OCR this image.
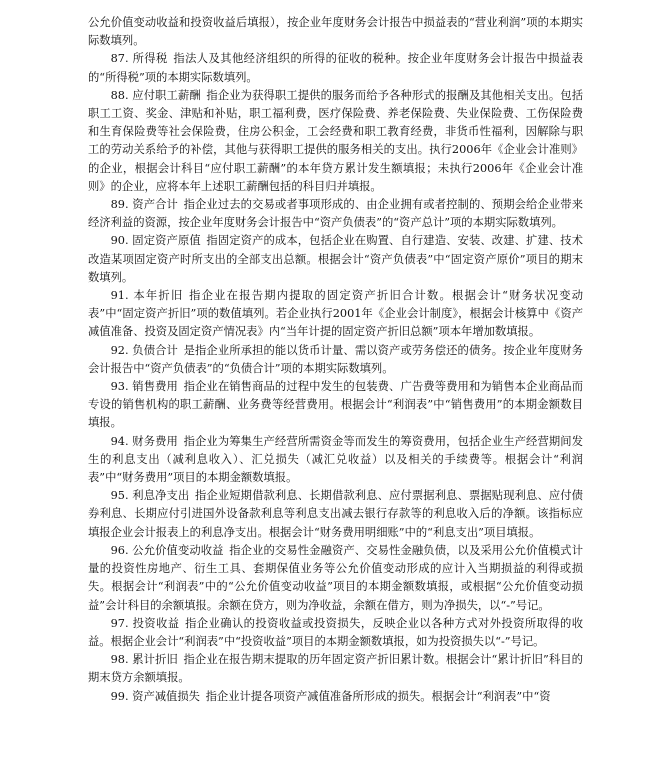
公允价值变动收益和投资收益后填报），按企业年度财务会计报告中损益表的“营业利润”项的本期实际数填列。

87. 所得税 指法人及其他经济组织的所得的征收的税种。按企业年度财务会计报告中损益表的“所得税”项的本期实际数填列。

88. 应付职工薪酬 指企业为获得职工提供的服务而给予各种形式的报酬及其他相关支出。包括职工工资、奖金、津贴和补贴，职工福利费，医疗保险费、养老保险费、失业保险费、工伤保险费和生育保险费等社会保险费，住房公积金，工会经费和职工教育经费，非货币性福利，因解除与职工的劳动关系给予的补偿，其他与获得职工提供的服务相关的支出。执行2006年《企业会计准则》的企业，根据会计科目“应付职工薪酬”的本年贷方累计发生额填报；未执行2006年《企业会计准则》的企业，应将本年上述职工薪酬包括的科目归并填报。

89. 资产合计 指企业过去的交易或者事项形成的、由企业拥有或者控制的、预期会给企业带来经济利益的资源，按企业年度财务会计报告中“资产负债表”的“资产总计”项的本期实际数填列。

90. 固定资产原值 指固定资产的成本，包括企业在购置、自行建造、安装、改建、扩建、技术改造某项固定资产时所支出的全部支出总额。根据会计“资产负债表”中“固定资产原价”项目的期末数填列。

91. 本年折旧 指企业在报告期内提取的固定资产折旧合计数。根据会计“财务状况变动表”中“固定资产折旧”项的数值填列。若企业执行2001年《企业会计制度》，根据会计核算中《资产减值准备、投资及固定资产情况表》内“当年计提的固定资产折旧总额”项本年增加数填报。

92. 负债合计 是指企业所承担的能以货币计量、需以资产或劳务偿还的债务。按企业年度财务会计报告中“资产负债表”的“负债合计”项的本期实际数填列。

93. 销售费用 指企业在销售商品的过程中发生的包装费、广告费等费用和为销售本企业商品而专设的销售机构的职工薪酬、业务费等经营费用。根据会计“利润表”中“销售费用”的本期金额数目填报。

94. 财务费用 指企业为筹集生产经营所需资金等而发生的筹资费用，包括企业生产经营期间发生的利息支出（减利息收入）、汇兑损失（减汇兑收益）以及相关的手续费等。根据会计“利润表”中“财务费用”项目的本期金额数填报。

95. 利息净支出 指企业短期借款利息、长期借款利息、应付票据利息、票据贴现利息、应付债券利息、长期应付引进国外设备款利息等利息支出减去银行存款等的利息收入后的净额。该指标应填报企业会计报表上的利息净支出。根据会计“财务费用明细账”中的“利息支出”项目填报。

96. 公允价值变动收益 指企业的交易性金融资产、交易性金融负债，以及采用公允价值模式计量的投资性房地产、衍生工具、套期保值业务等公允价值变动形成的应计入当期损益的利得或损失。根据会计“利润表”中的“公允价值变动收益”项目的本期金额数填报，或根据“公允价值变动损益”会计科目的余额填报。余额在贷方，则为净收益，余额在借方，则为净损失，以“-”号记。

97. 投资收益 指企业确认的投资收益或投资损失，反映企业以各种方式对外投资所取得的收益。根据企业会计“利润表”中“投资收益”项目的本期金额数填报，如为投资损失以“-”号记。

98. 累计折旧 指企业在报告期末提取的历年固定资产折旧累计数。根据会计“累计折旧”科目的期末贷方余额填报。

99. 资产减值损失 指企业计提各项资产减值准备所形成的损失。根据会计“利润表”中“资
